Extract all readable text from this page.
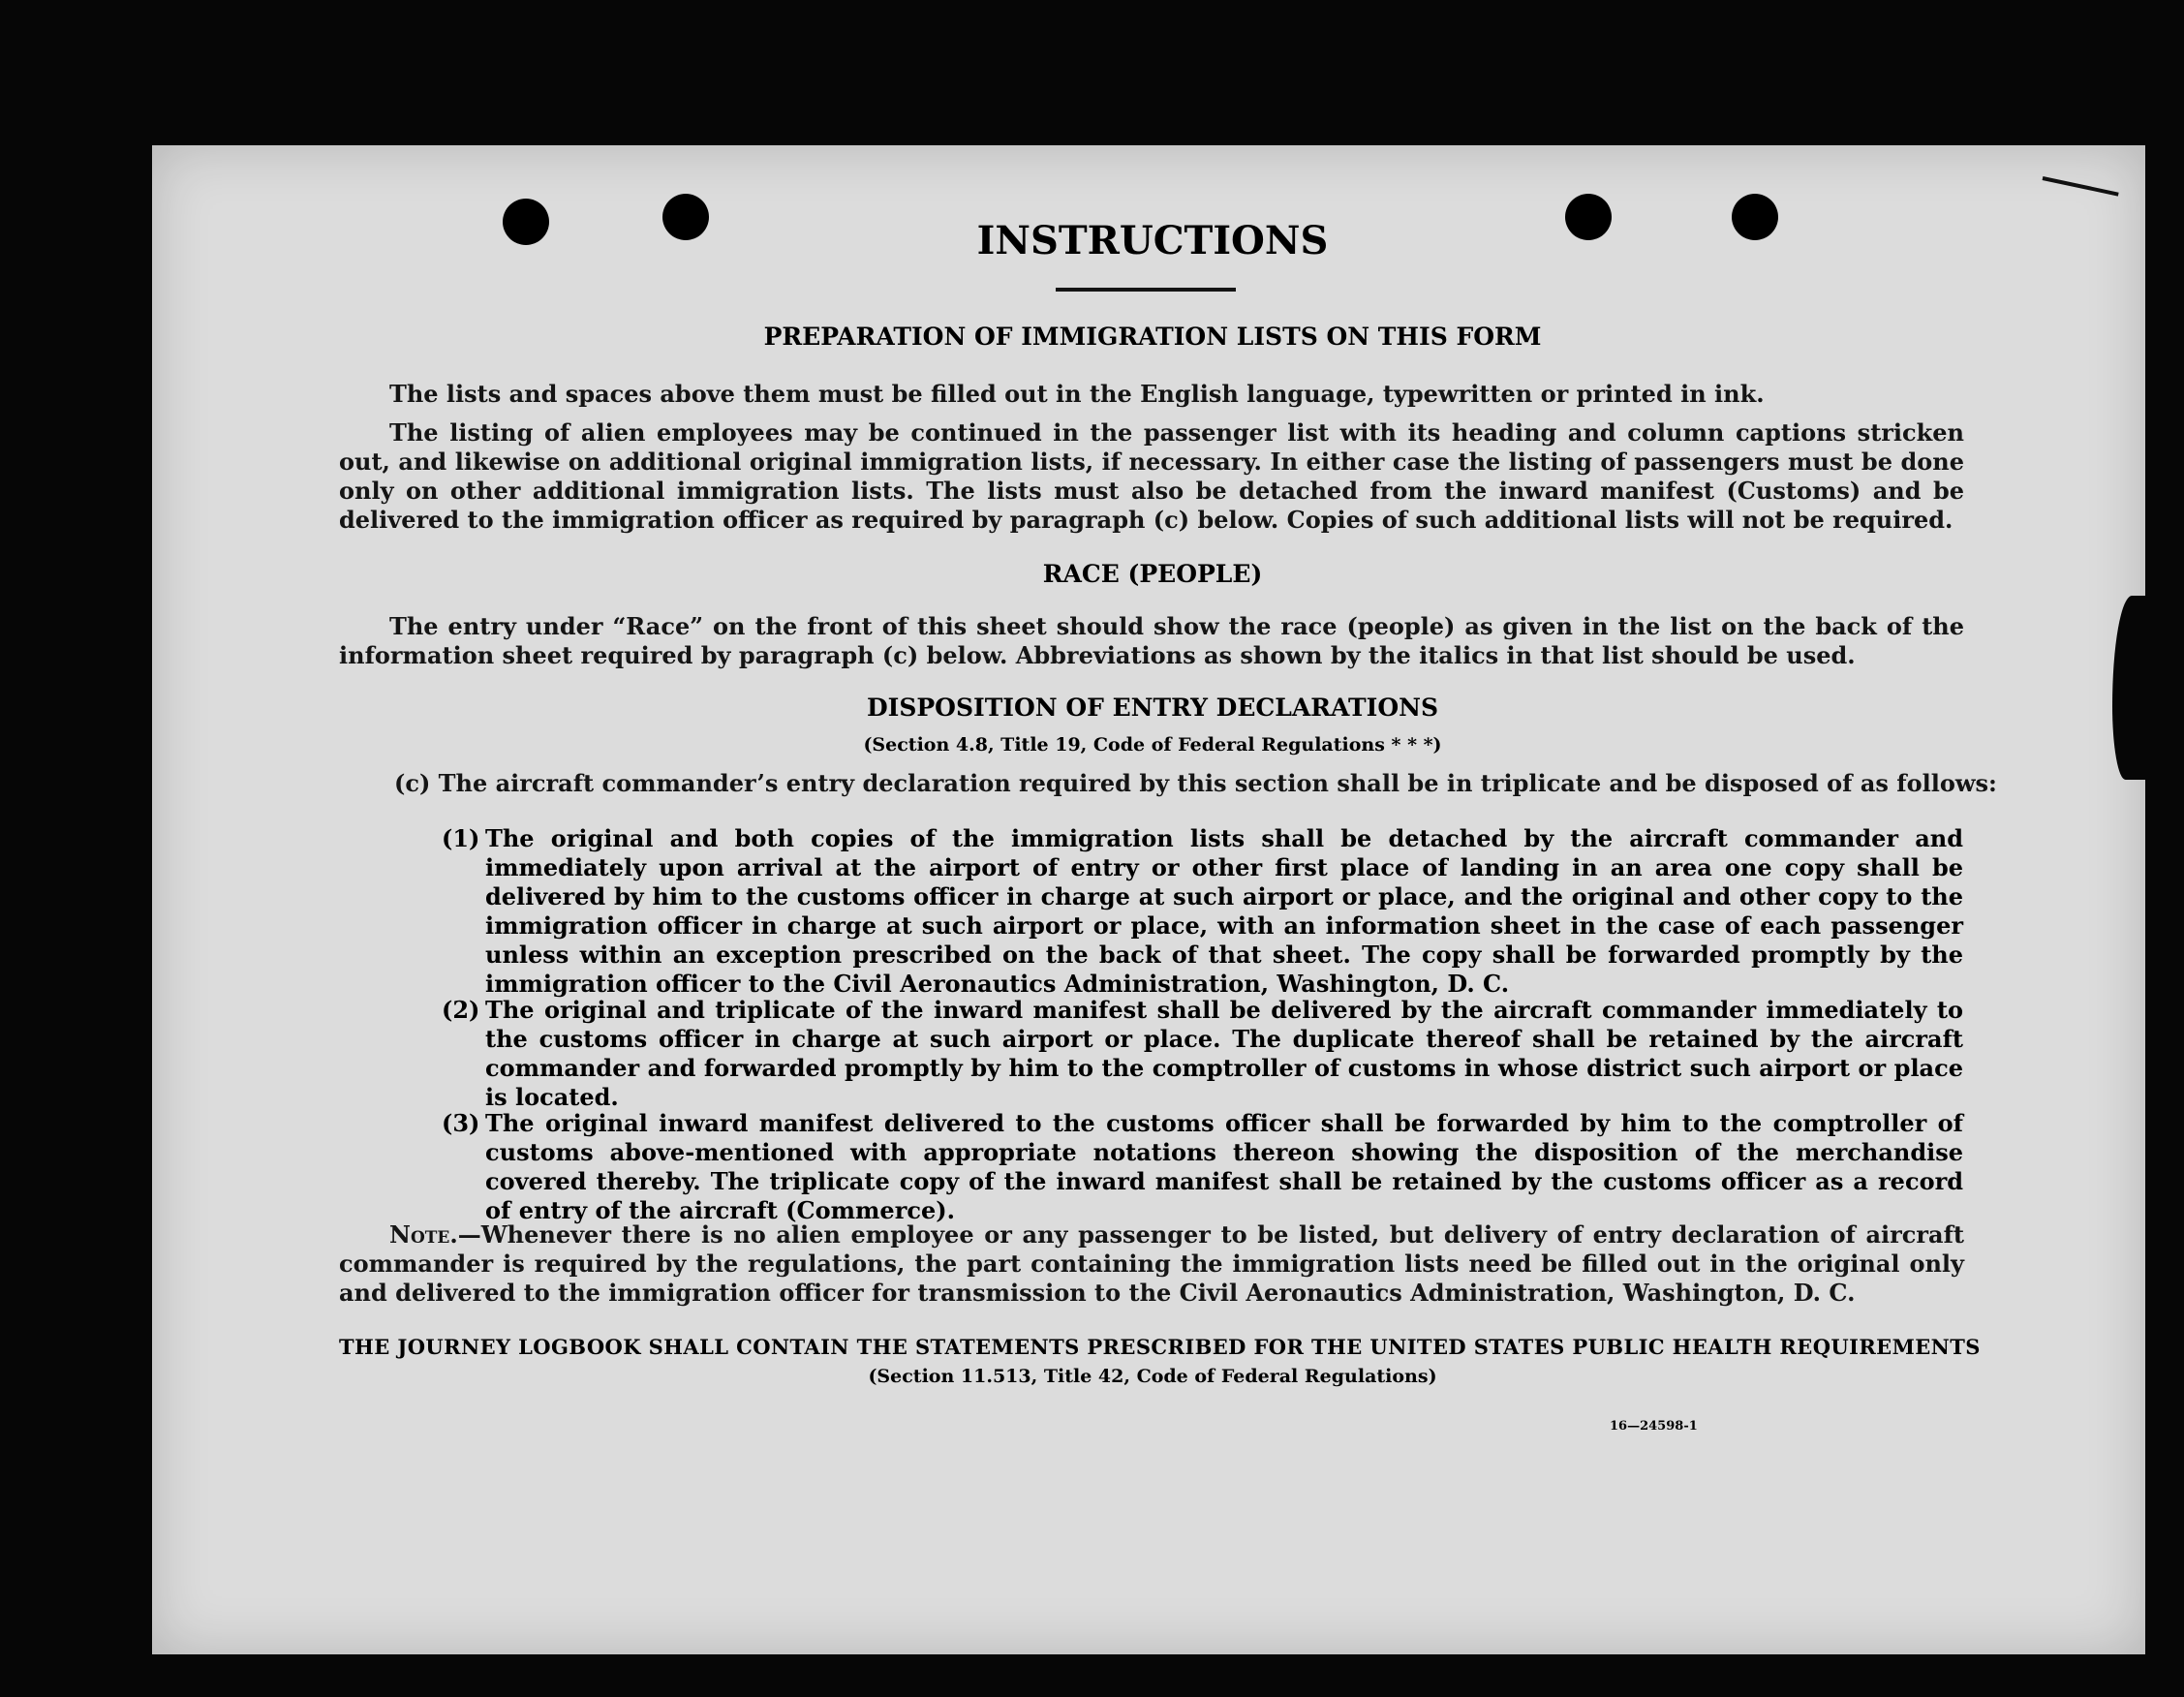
INSTRUCTIONS
PREPARATION OF IMMIGRATION LISTS ON THIS FORM
The lists and spaces above them must be filled out in the English language, typewritten or printed in ink.
The listing of alien employees may be continued in the passenger list with its heading and column captions stricken out, and likewise on additional original immigration lists, if necessary. In either case the listing of passengers must be done only on other additional immigration lists. The lists must also be detached from the inward manifest (Customs) and be delivered to the immigration officer as required by paragraph (c) below. Copies of such additional lists will not be required.
RACE (PEOPLE)
The entry under “Race” on the front of this sheet should show the race (people) as given in the list on the back of the information sheet required by paragraph (c) below. Abbreviations as shown by the italics in that list should be used.
DISPOSITION OF ENTRY DECLARATIONS
(Section 4.8, Title 19, Code of Federal Regulations * * *)
(c) The aircraft commander’s entry declaration required by this section shall be in triplicate and be disposed of as follows:
(1) The original and both copies of the immigration lists shall be detached by the aircraft commander and immediately upon arrival at the airport of entry or other first place of landing in an area one copy shall be delivered by him to the customs officer in charge at such airport or place, and the original and other copy to the immigration officer in charge at such airport or place, with an information sheet in the case of each passenger unless within an exception prescribed on the back of that sheet. The copy shall be forwarded promptly by the immigration officer to the Civil Aeronautics Administration, Washington, D. C.
(2) The original and triplicate of the inward manifest shall be delivered by the aircraft commander immediately to the customs officer in charge at such airport or place. The duplicate thereof shall be retained by the aircraft commander and forwarded promptly by him to the comptroller of customs in whose district such airport or place is located.
(3) The original inward manifest delivered to the customs officer shall be forwarded by him to the comptroller of customs above-mentioned with appropriate notations thereon showing the disposition of the merchandise covered thereby. The triplicate copy of the inward manifest shall be retained by the customs officer as a record of entry of the aircraft (Commerce).
Note.—Whenever there is no alien employee or any passenger to be listed, but delivery of entry declaration of aircraft commander is required by the regulations, the part containing the immigration lists need be filled out in the original only and delivered to the immigration officer for transmission to the Civil Aeronautics Administration, Washington, D. C.
THE JOURNEY LOGBOOK SHALL CONTAIN THE STATEMENTS PRESCRIBED FOR THE UNITED STATES PUBLIC HEALTH REQUIREMENTS
(Section 11.513, Title 42, Code of Federal Regulations)
16—24598-1
